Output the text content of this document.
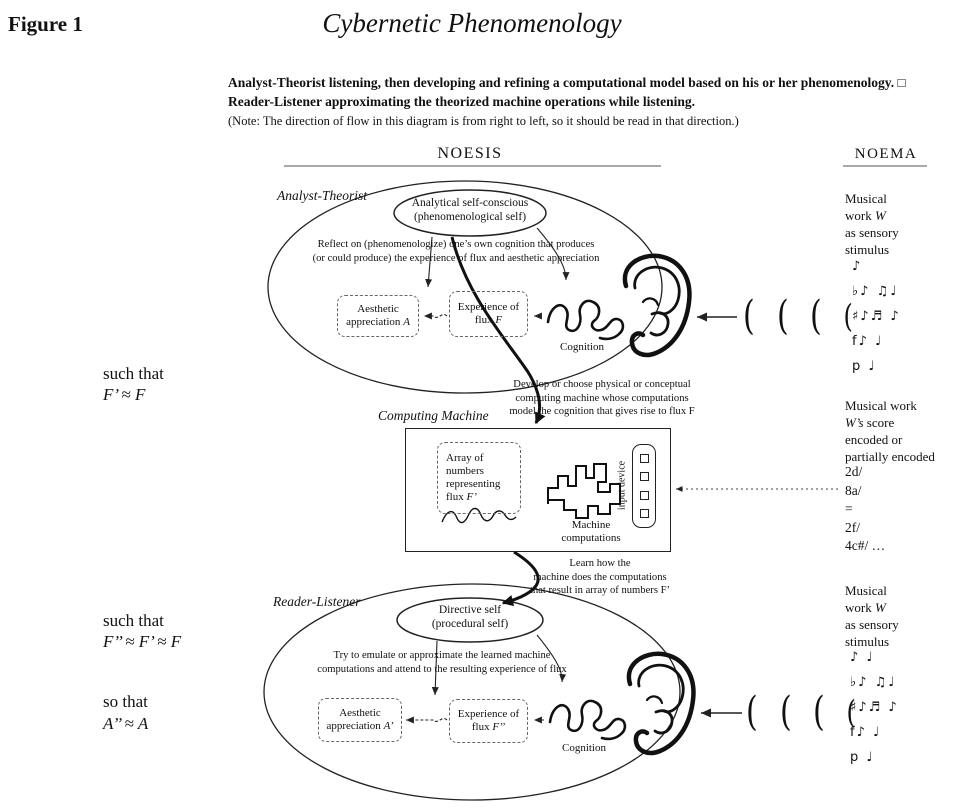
Figure 1	Cybernetic Phenomenology
Analyst-Theorist listening, then developing and refining a computational model based on his or her phenomenology. □
Reader-Listener approximating the theorized machine operations while listening.
(Note: The direction of flow in this diagram is from right to left, so it should be read in that direction.)
NOESIS	NOEMA
such that
F’ ≈ F
such that
F’’ ≈ F’ ≈ F
so that
A’’ ≈ A
Analyst-Theorist	Analytical self-conscious
(phenomenological self)
Reflect on (phenomenologize) one’s own cognition that produces
(or could produce) the experience of flux and aesthetic appreciation
Aesthetic appreciation A
Experience of flux F
Cognition
Develop or choose physical or conceptual
computing machine whose computations
model the cognition that gives rise to flux F
Computing Machine
Array of
numbers
representing
flux F’
Machine
computations
input device
Learn how the
machine does the computations
that result in array of numbers F’
Reader-Listener
Directive self
(procedural self)
Try to emulate or approximate the learned machine
computations and attend to the resulting experience of flux
Aesthetic appreciation A’
Experience of flux F’’
Cognition
( ( ( (
( ( ( (
Musical
work W
as sensory
stimulus
♪
♭♪ ♫♩
♯♪♬ ♪
f♪ ♩
p ♩
Musical work
W’s score
encoded or
partially encoded
2d/
8a/
=
2f/
4c#/ …
Musical
work W
as sensory
stimulus
♪ ♩
♭♪ ♫♩
♯♪♬ ♪
f♪ ♩
p ♩
